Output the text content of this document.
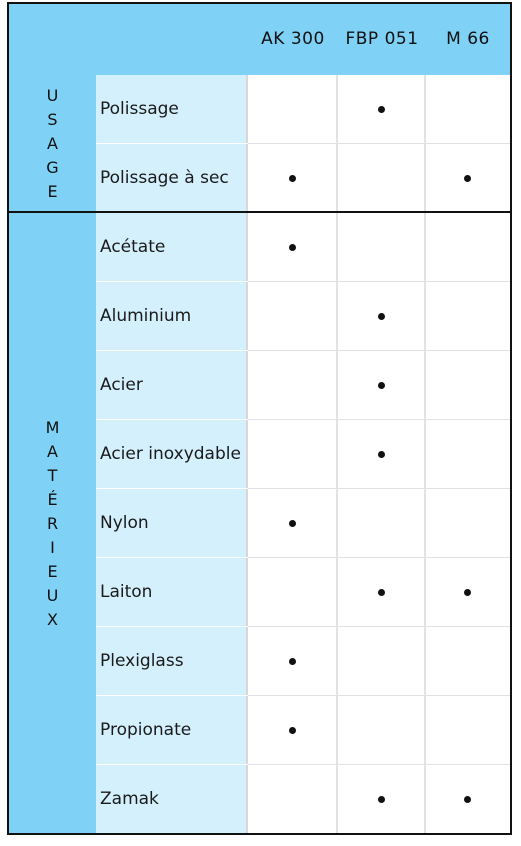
AK 300	FBP 051	M 66
U
S
A
G
E
M
A
T
É
R
I
E
U
X
Polissage
Polissage à sec
Acétate
Aluminium
Acier
Acier inoxydable
Nylon
Laiton
Plexiglass
Propionate
Zamak
